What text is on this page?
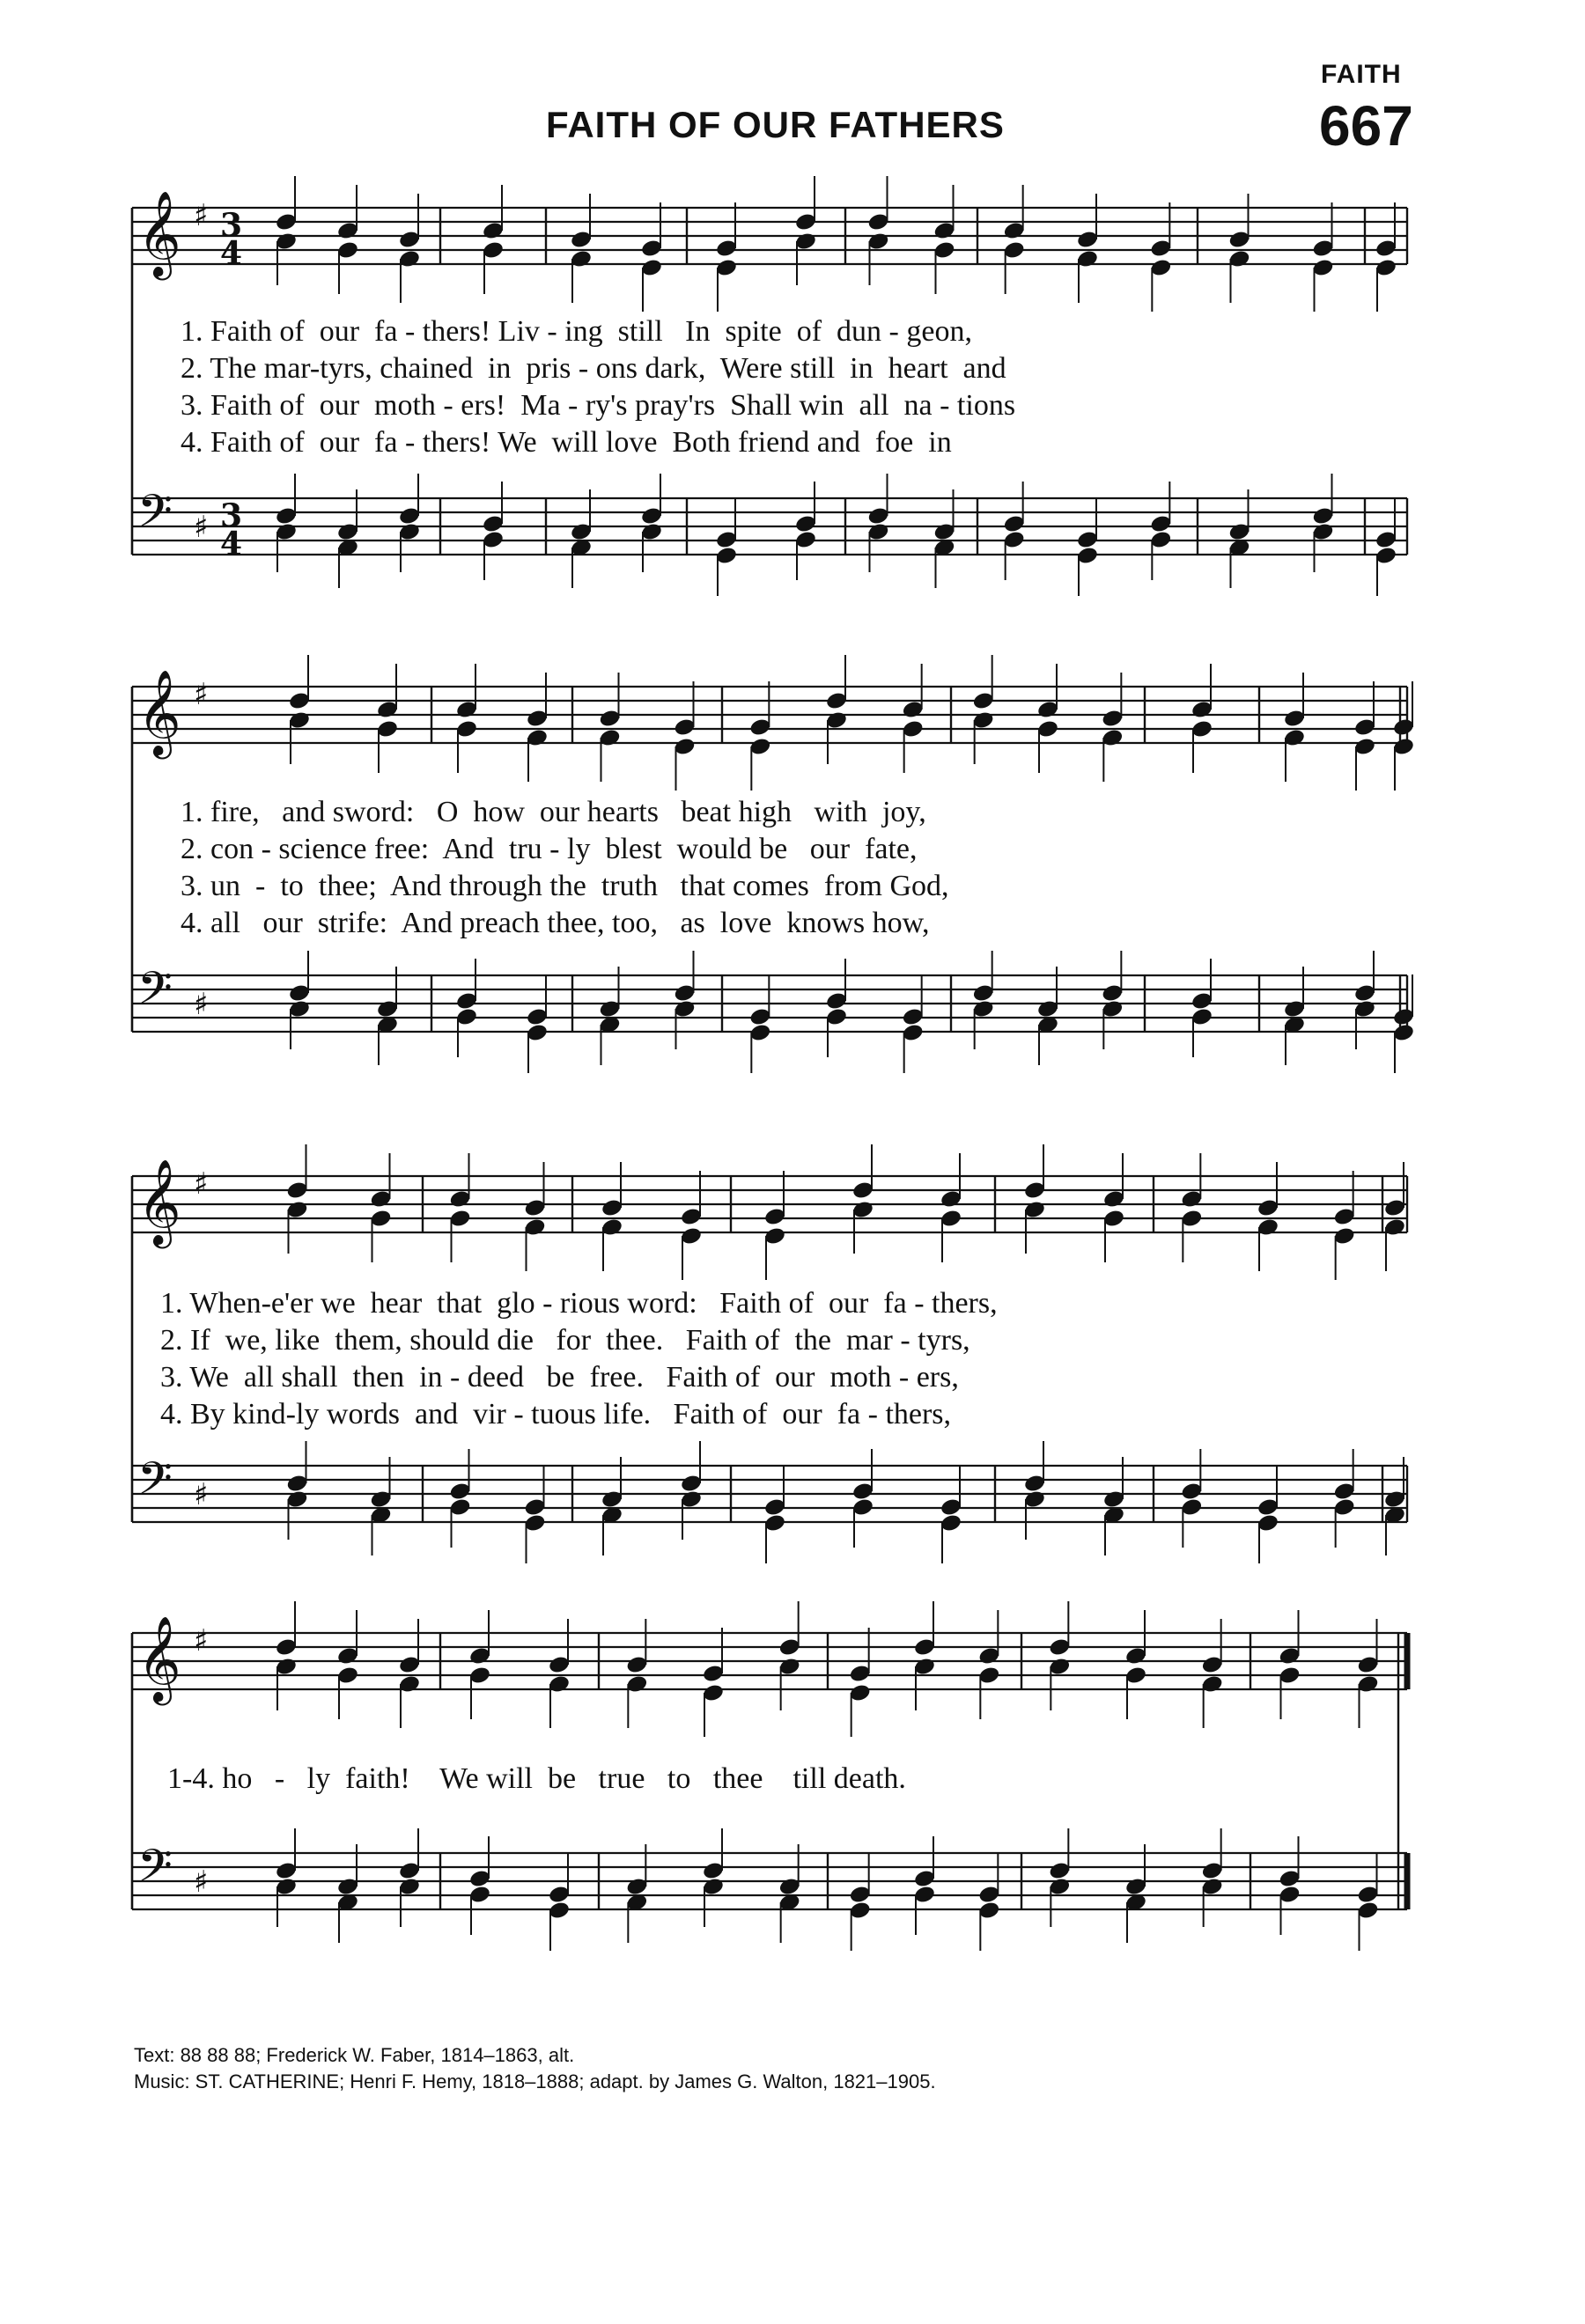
FAITH
FAITH OF OUR FATHERS	667
𝄞 ♯ 3
4
𝄢 ♯ 3
4
𝄞 ♯
𝄢 ♯
𝄞 ♯
𝄢 ♯
𝄞 ♯
𝄢 ♯
1. Faith of  our  fa - thers! Liv - ing  still   In  spite  of  dun - geon,
2. The mar-tyrs, chained  in  pris - ons dark,  Were still  in  heart  and
3. Faith of  our  moth - ers!  Ma - ry's pray'rs  Shall win  all  na - tions
4. Faith of  our  fa - thers! We  will love  Both friend and  foe  in
1. fire,   and sword:   O  how  our hearts   beat high   with  joy,
2. con - science free:  And  tru - ly  blest  would be   our  fate,
3. un  -  to  thee;  And through the  truth   that comes  from God,
4. all   our  strife:  And preach thee, too,   as  love  knows how,
1. When-e'er we  hear  that  glo - rious word:   Faith of  our  fa - thers,
2. If  we, like  them, should die   for  thee.   Faith of  the  mar - tyrs,
3. We  all shall  then  in - deed   be  free.   Faith of  our  moth - ers,
4. By kind-ly words  and  vir - tuous life.   Faith of  our  fa - thers,
1-4. ho   -   ly  faith!    We will  be   true   to   thee    till death.
Text: 88 88 88; Frederick W. Faber, 1814–1863, alt.
Music: ST. CATHERINE; Henri F. Hemy, 1818–1888; adapt. by James G. Walton, 1821–1905.
